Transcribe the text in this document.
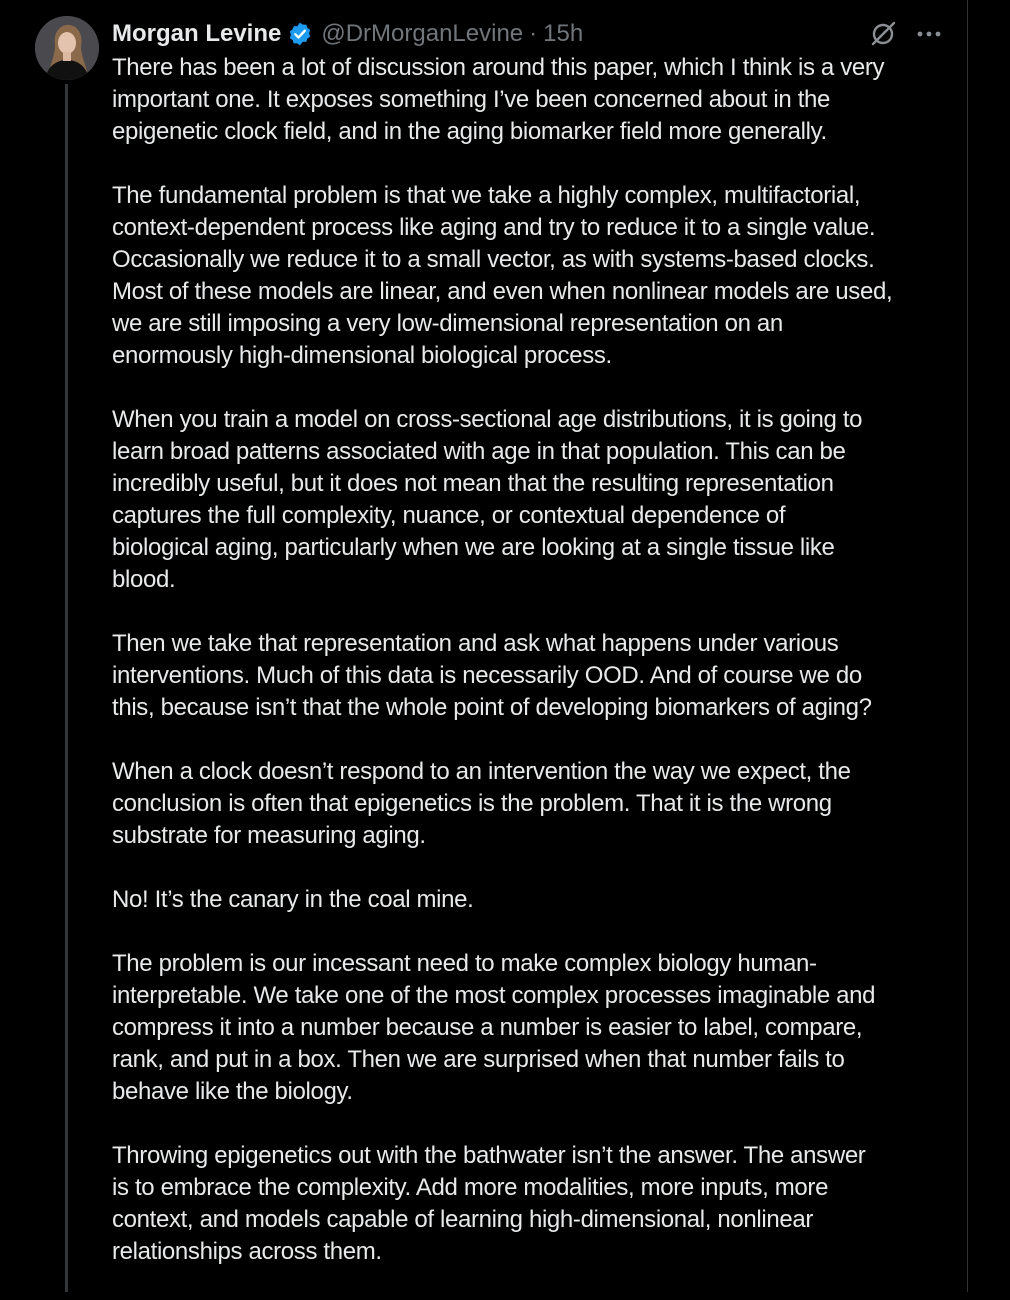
Morgan Levine @DrMorganLevine · 15h

There has been a lot of discussion around this paper, which I think is a very
important one. It exposes something I’ve been concerned about in the
epigenetic clock field, and in the aging biomarker field more generally.

The fundamental problem is that we take a highly complex, multifactorial,
context-dependent process like aging and try to reduce it to a single value.
Occasionally we reduce it to a small vector, as with systems-based clocks.
Most of these models are linear, and even when nonlinear models are used,
we are still imposing a very low-dimensional representation on an
enormously high-dimensional biological process.

When you train a model on cross-sectional age distributions, it is going to
learn broad patterns associated with age in that population. This can be
incredibly useful, but it does not mean that the resulting representation
captures the full complexity, nuance, or contextual dependence of
biological aging, particularly when we are looking at a single tissue like
blood.

Then we take that representation and ask what happens under various
interventions. Much of this data is necessarily OOD. And of course we do
this, because isn’t that the whole point of developing biomarkers of aging?

When a clock doesn’t respond to an intervention the way we expect, the
conclusion is often that epigenetics is the problem. That it is the wrong
substrate for measuring aging.

No! It’s the canary in the coal mine.

The problem is our incessant need to make complex biology human-
interpretable. We take one of the most complex processes imaginable and
compress it into a number because a number is easier to label, compare,
rank, and put in a box. Then we are surprised when that number fails to
behave like the biology.

Throwing epigenetics out with the bathwater isn’t the answer. The answer
is to embrace the complexity. Add more modalities, more inputs, more
context, and models capable of learning high-dimensional, nonlinear
relationships across them.
